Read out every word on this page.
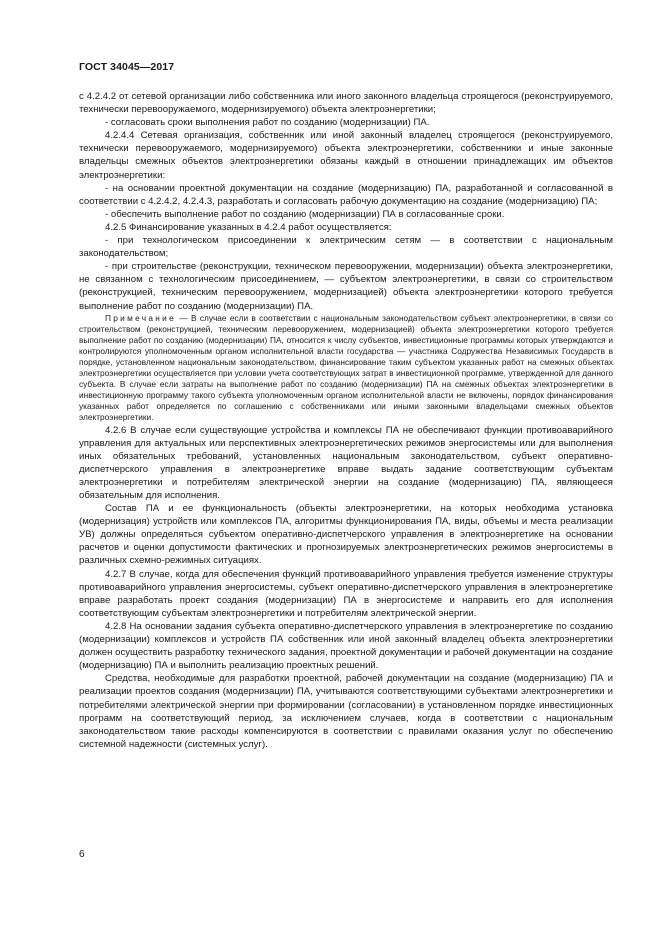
ГОСТ 34045—2017

с 4.2.4.2 от сетевой организации либо собственника или иного законного владельца строящегося (реконструируемого, технически перевооружаемого, модернизируемого) объекта электроэнергетики;

- согласовать сроки выполнения работ по созданию (модернизации) ПА.

4.2.4.4 Сетевая организация, собственник или иной законный владелец строящегося (реконструируемого, технически перевооружаемого, модернизируемого) объекта электроэнергетики, собственники и иные законные владельцы смежных объектов электроэнергетики обязаны каждый в отношении принадлежащих им объектов электроэнергетики:

- на основании проектной документации на создание (модернизацию) ПА, разработанной и согласованной в соответствии с 4.2.4.2, 4.2.4.3, разработать и согласовать рабочую документацию на создание (модернизацию) ПА;

- обеспечить выполнение работ по созданию (модернизации) ПА в согласованные сроки.

4.2.5 Финансирование указанных в 4.2.4 работ осуществляется:

- при технологическом присоединении к электрическим сетям — в соответствии с национальным законодательством;

- при строительстве (реконструкции, техническом перевооружении, модернизации) объекта электроэнергетики, не связанном с технологическим присоединением, — субъектом электроэнергетики, в связи со строительством (реконструкцией, техническим перевооружением, модернизацией) объекта электроэнергетики которого требуется выполнение работ по созданию (модернизации) ПА.

Примечание — В случае если в соответствии с национальным законодательством субъект электроэнергетики, в связи со строительством (реконструкцией, техническим перевооружением, модернизацией) объекта электроэнергетики которого требуется выполнение работ по созданию (модернизации) ПА, относится к числу субъектов, инвестиционные программы которых утверждаются и контролируются уполномоченным органом исполнительной власти государства — участника Содружества Независимых Государств в порядке, установленном национальным законодательством, финансирование таким субъектом указанных работ на смежных объектах электроэнергетики осуществляется при условии учета соответствующих затрат в инвестиционной программе, утвержденной для данного субъекта. В случае если затраты на выполнение работ по созданию (модернизации) ПА на смежных объектах электроэнергетики в инвестиционную программу такого субъекта уполномоченным органом исполнительной власти не включены, порядок финансирования указанных работ определяется по соглашению с собственниками или иными законными владельцами смежных объектов электроэнергетики.

4.2.6 В случае если существующие устройства и комплексы ПА не обеспечивают функции противоаварийного управления для актуальных или перспективных электроэнергетических режимов энергосистемы или для выполнения иных обязательных требований, установленных национальным законодательством, субъект оперативно-диспетчерского управления в электроэнергетике вправе выдать задание соответствующим субъектам электроэнергетики и потребителям электрической энергии на создание (модернизацию) ПА, являющееся обязательным для исполнения.

Состав ПА и ее функциональность (объекты электроэнергетики, на которых необходима установка (модернизация) устройств или комплексов ПА, алгоритмы функционирования ПА, виды, объемы и места реализации УВ) должны определяться субъектом оперативно-диспетчерского управления в электроэнергетике на основании расчетов и оценки допустимости фактических и прогнозируемых электроэнергетических режимов энергосистемы в различных схемно-режимных ситуациях.

4.2.7 В случае, когда для обеспечения функций противоаварийного управления требуется изменение структуры противоаварийного управления энергосистемы, субъект оперативно-диспетчерского управления в электроэнергетике вправе разработать проект создания (модернизации) ПА в энергосистеме и направить его для исполнения соответствующим субъектам электроэнергетики и потребителям электрической энергии.

4.2.8 На основании задания субъекта оперативно-диспетчерского управления в электроэнергетике по созданию (модернизации) комплексов и устройств ПА собственник или иной законный владелец объекта электроэнергетики должен осуществить разработку технического задания, проектной документации и рабочей документации на создание (модернизацию) ПА и выполнить реализацию проектных решений.

Средства, необходимые для разработки проектной, рабочей документации на создание (модернизацию) ПА и реализации проектов создания (модернизации) ПА, учитываются соответствующими субъектами электроэнергетики и потребителями электрической энергии при формировании (согласовании) в установленном порядке инвестиционных программ на соответствующий период, за исключением случаев, когда в соответствии с национальным законодательством такие расходы компенсируются в соответствии с правилами оказания услуг по обеспечению системной надежности (системных услуг).

6
